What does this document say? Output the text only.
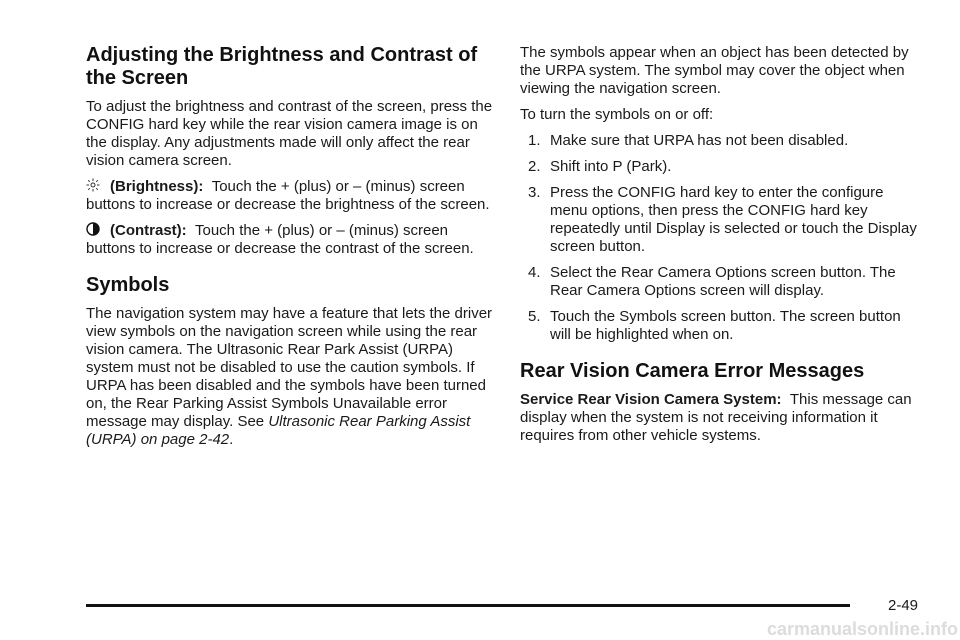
Adjusting the Brightness and Contrast of the Screen

To adjust the brightness and contrast of the screen, press the CONFIG hard key while the rear vision camera image is on the display. Any adjustments made will only affect the rear vision camera screen.

(Brightness): Touch the + (plus) or – (minus) screen buttons to increase or decrease the brightness of the screen.

(Contrast): Touch the + (plus) or – (minus) screen buttons to increase or decrease the contrast of the screen.

Symbols

The navigation system may have a feature that lets the driver view symbols on the navigation screen while using the rear vision camera. The Ultrasonic Rear Park Assist (URPA) system must not be disabled to use the caution symbols. If URPA has been disabled and the symbols have been turned on, the Rear Parking Assist Symbols Unavailable error message may display. See Ultrasonic Rear Parking Assist (URPA) on page 2-42.

The symbols appear when an object has been detected by the URPA system. The symbol may cover the object when viewing the navigation screen.

To turn the symbols on or off:

1. Make sure that URPA has not been disabled.
2. Shift into P (Park).
3. Press the CONFIG hard key to enter the configure menu options, then press the CONFIG hard key repeatedly until Display is selected or touch the Display screen button.
4. Select the Rear Camera Options screen button. The Rear Camera Options screen will display.
5. Touch the Symbols screen button. The screen button will be highlighted when on.
Rear Vision Camera Error Messages

Service Rear Vision Camera System: This message can display when the system is not receiving information it requires from other vehicle systems.

2-49
carmanualsonline.info
